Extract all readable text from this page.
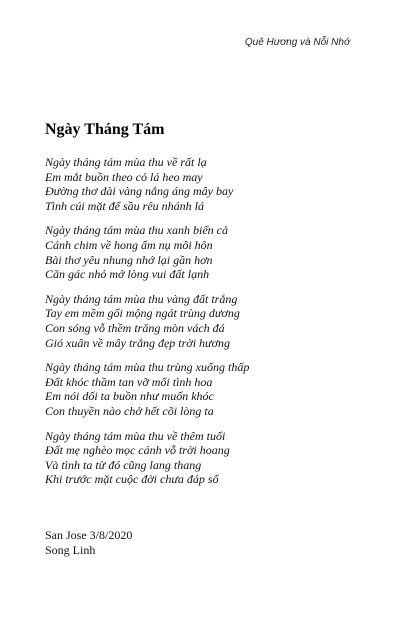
Quê Hương và Nỗi Nhớ
Ngày Tháng Tám
Ngày tháng tám mùa thu về rất lạ
Em mắt buồn theo cỏ lá heo may
Đường thơ dài vàng nắng áng mây bay
Tình cúi mặt để sầu rêu nhánh lá
Ngày tháng tám mùa thu xanh biển cả
Cánh chim về hong ấm nụ môi hôn
Bài thơ yêu nhung nhớ lại gần hơn
Căn gác nhỏ mở lòng vui đất lạnh
Ngày tháng tám mùa thu vàng đất trắng
Tay em mềm gối mộng ngát trùng dương
Con sóng vỗ thềm trăng mòn vách đá
Gió xuân về mây trắng đẹp trời hương
Ngày tháng tám mùa thu trùng xuống thấp
Đất khóc thầm tan vỡ mối tình hoa
Em nói dối ta buồn như muốn khóc
Con thuyền nào chở hết cõi lòng ta
Ngày tháng tám mùa thu về thêm tuổi
Đất mẹ nghèo mọc cánh vỗ trời hoang
Và tình ta từ đó cũng lang thang
Khi trước mặt cuộc đời chưa đáp số
San Jose 3/8/2020
Song Linh
